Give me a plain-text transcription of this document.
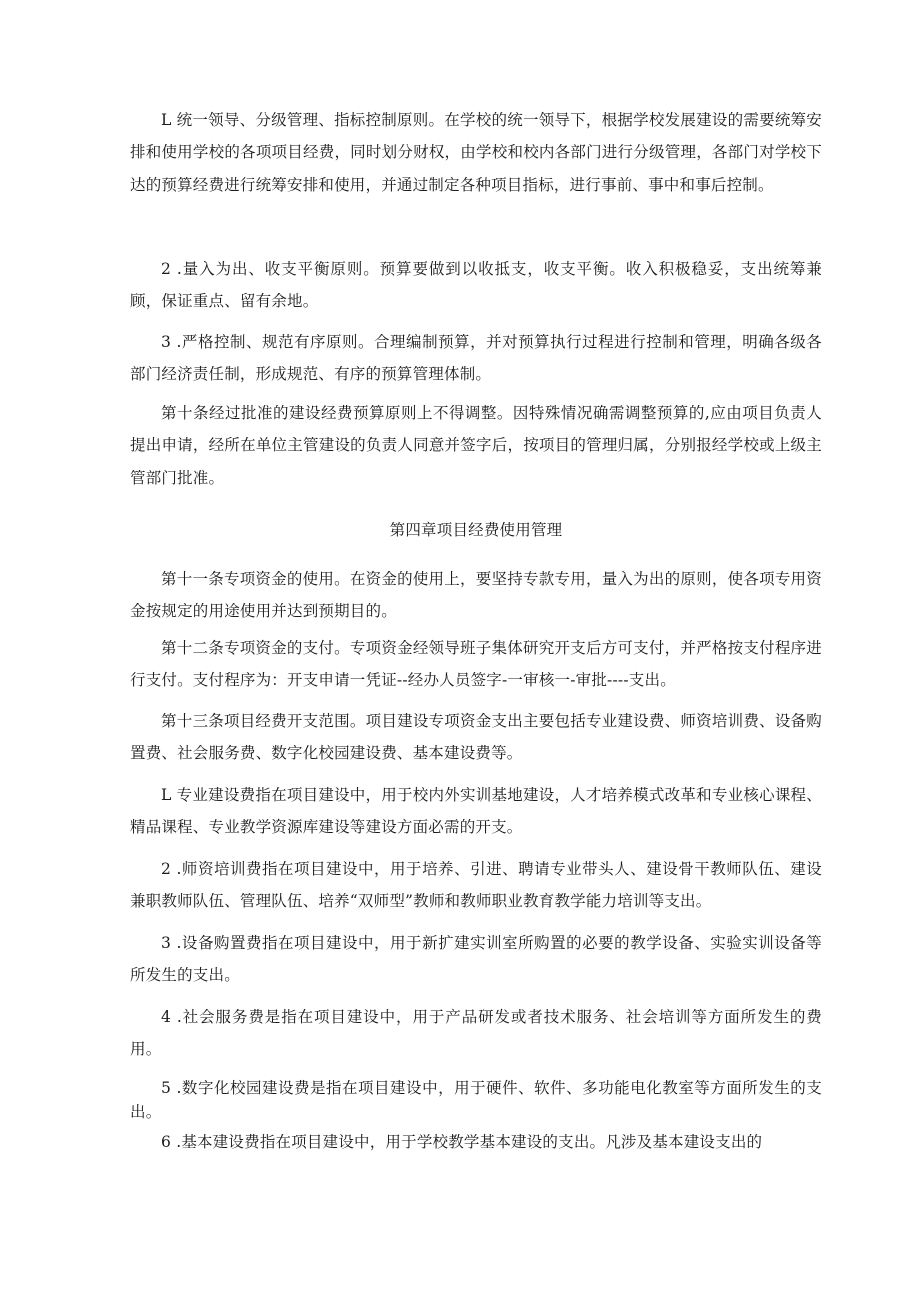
L 统一领导、分级管理、指标控制原则。在学校的统一领导下，根据学校发展建设的需要统筹安排和使用学校的各项项目经费，同时划分财权，由学校和校内各部门进行分级管理，各部门对学校下达的预算经费进行统筹安排和使用，并通过制定各种项目指标，进行事前、事中和事后控制。

2 .量入为出、收支平衡原则。预算要做到以收抵支，收支平衡。收入积极稳妥，支出统筹兼顾，保证重点、留有余地。

3 .严格控制、规范有序原则。合理编制预算，并对预算执行过程进行控制和管理，明确各级各部门经济责任制，形成规范、有序的预算管理体制。

第十条经过批准的建设经费预算原则上不得调整。因特殊情况确需调整预算的,应由项目负责人提出申请，经所在单位主管建设的负责人同意并签字后，按项目的管理归属，分别报经学校或上级主管部门批准。

第四章项目经费使用管理

第十一条专项资金的使用。在资金的使用上，要坚持专款专用，量入为出的原则，使各项专用资金按规定的用途使用并达到预期目的。

第十二条专项资金的支付。专项资金经领导班子集体研究开支后方可支付，并严格按支付程序进行支付。支付程序为：开支申请一凭证--经办人员签字-一审核一-审批----支出。

第十三条项目经费开支范围。项目建设专项资金支出主要包括专业建设费、师资培训费、设备购置费、社会服务费、数字化校园建设费、基本建设费等。

L 专业建设费指在项目建设中，用于校内外实训基地建设，人才培养模式改革和专业核心课程、精品课程、专业教学资源库建设等建设方面必需的开支。

2 .师资培训费指在项目建设中，用于培养、引进、聘请专业带头人、建设骨干教师队伍、建设兼职教师队伍、管理队伍、培养“双师型”教师和教师职业教育教学能力培训等支出。

3 .设备购置费指在项目建设中，用于新扩建实训室所购置的必要的教学设备、实验实训设备等所发生的支出。

4 .社会服务费是指在项目建设中，用于产品研发或者技术服务、社会培训等方面所发生的费用。

5 .数字化校园建设费是指在项目建设中，用于硬件、软件、多功能电化教室等方面所发生的支出。

6 .基本建设费指在项目建设中，用于学校教学基本建设的支出。凡涉及基本建设支出的
